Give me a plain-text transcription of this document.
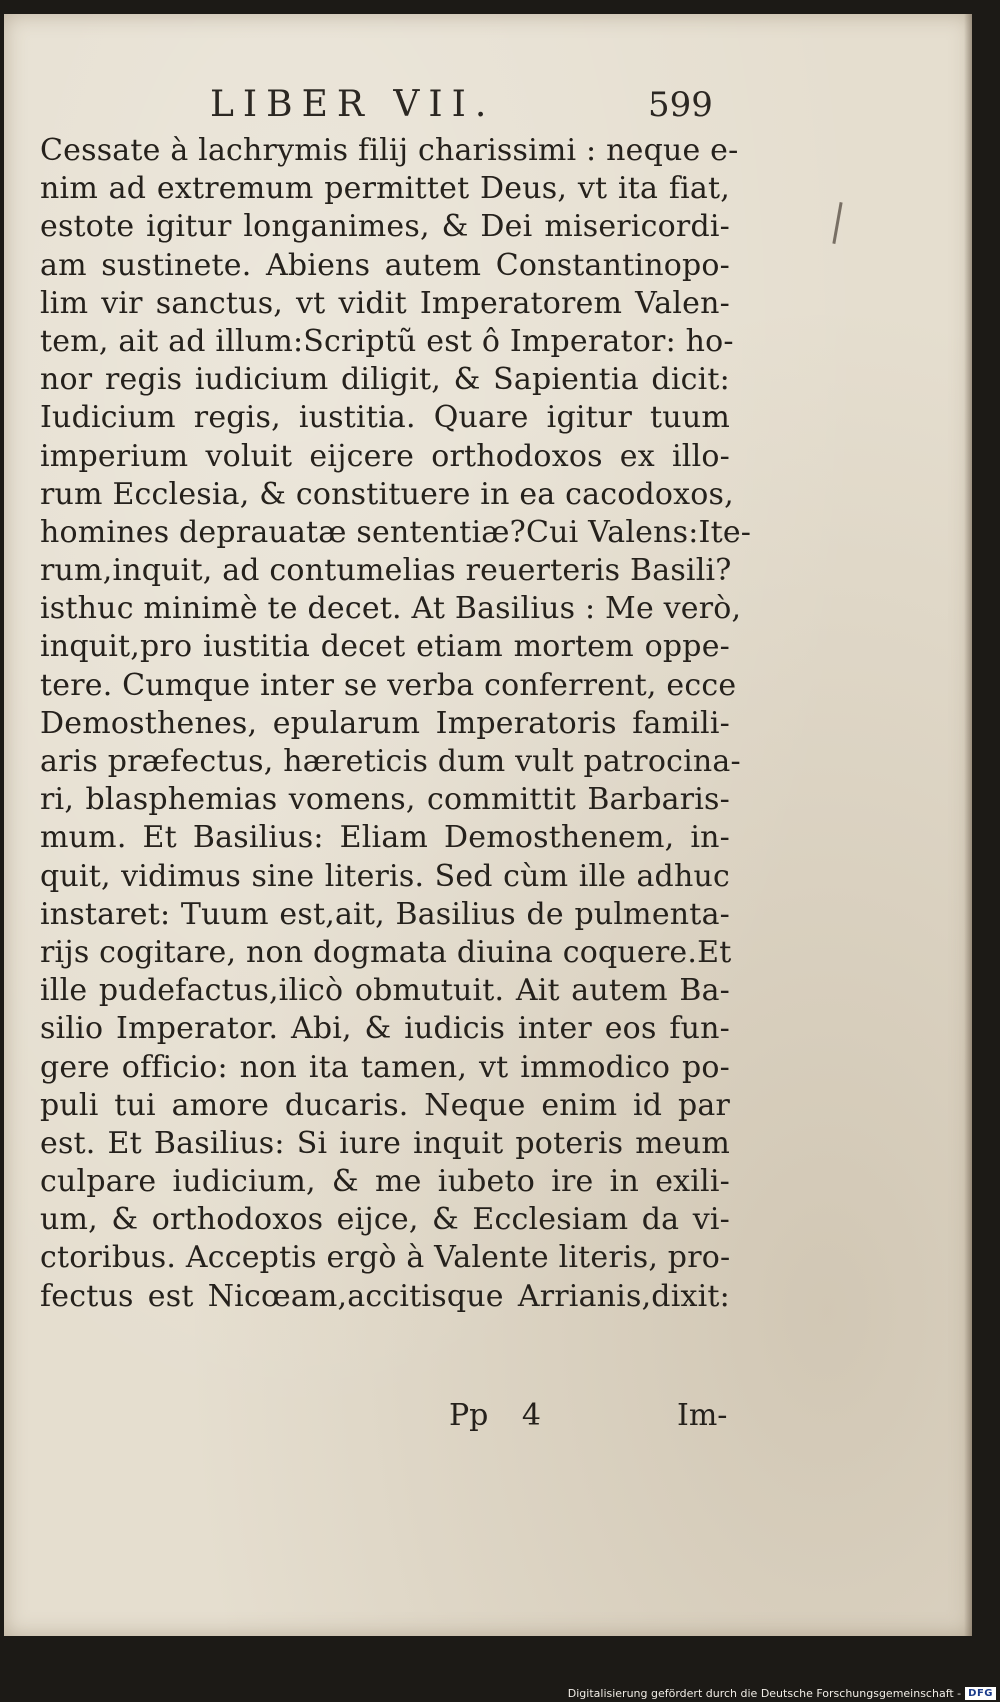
LIBER VII.	599
Cessate à lachrymis filij charissimi : neque e-
nim ad extremum permittet Deus, vt ita fiat,
estote igitur longanimes, & Dei misericordi-
am sustinete. Abiens autem Constantinopo-
lim vir sanctus, vt vidit Imperatorem Valen-
tem, ait ad illum:Scriptũ est ô Imperator: ho-
nor regis iudicium diligit, & Sapientia dicit:
Iudicium regis, iustitia. Quare igitur tuum
imperium voluit eijcere orthodoxos ex illo-
rum Ecclesia, & constituere in ea cacodoxos,
homines deprauatæ sententiæ?Cui Valens:Ite-
rum,inquit, ad contumelias reuerteris Basili?
isthuc minimè te decet. At Basilius : Me verò,
inquit,pro iustitia decet etiam mortem oppe-
tere. Cumque inter se verba conferrent, ecce
Demosthenes, epularum Imperatoris famili-
aris præfectus, hæreticis dum vult patrocina-
ri, blasphemias vomens, committit Barbaris-
mum. Et Basilius: Eliam Demosthenem, in-
quit, vidimus sine literis. Sed cùm ille adhuc
instaret: Tuum est,ait, Basilius de pulmenta-
rijs cogitare, non dogmata diuina coquere.Et
ille pudefactus,ilicò obmutuit. Ait autem Ba-
silio Imperator. Abi, & iudicis inter eos fun-
gere officio: non ita tamen, vt immodico po-
puli tui amore ducaris. Neque enim id par
est. Et Basilius: Si iure inquit poteris meum
culpare iudicium, & me iubeto ire in exili-
um, & orthodoxos eijce, & Ecclesiam da vi-
ctoribus. Acceptis ergò à Valente literis, pro-
fectus est Nicœam,accitisque Arrianis,dixit:
Pp 4	Im-
Digitalisierung gefördert durch die Deutsche Forschungsgemeinschaft - DFG
